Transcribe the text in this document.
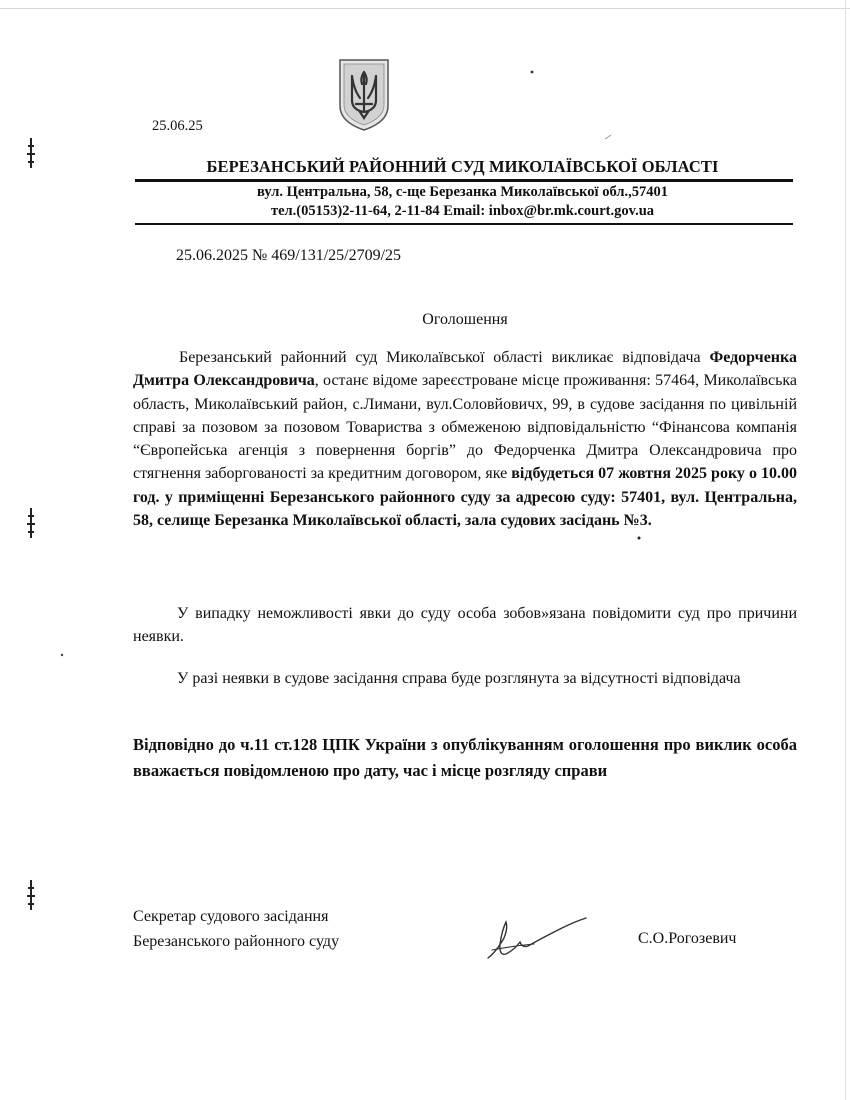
25.06.25
БЕРЕЗАНСЬКИЙ РАЙОННИЙ СУД МИКОЛАЇВСЬКОЇ ОБЛАСТІ
вул. Центральна, 58, с-ще Березанка Миколаївської обл.,57401
тел.(05153)2-11-64, 2-11-84 Email: inbox@br.mk.court.gov.ua
25.06.2025 № 469/131/25/2709/25
Оголошення
Березанський районний суд Миколаївської області викликає відповідача Федорченка Дмитра Олександровича, останє відоме зареєстроване місце проживання: 57464, Миколаївська область, Миколаївський район, с.Лимани, вул.Соловйовичх, 99, в судове засідання по цивільній справі за позовом за позовом Товариства з обмеженою відповідальністю “Фінансова компанія “Європейська агенція з повернення боргів” до Федорченка Дмитра Олександровича про стягнення заборгованості за кредитним договором, яке відбудеться 07 жовтня 2025 року о 10.00 год. у приміщенні Березанського районного суду за адресою суду: 57401, вул. Центральна, 58, селище Березанка Миколаївської області, зала судових засідань №3.
У випадку неможливості явки до суду особа зобов»язана повідомити суд про причини неявки.
У разі неявки в судове засідання справа буде розглянута за відсутності відповідача
Відповідно до ч.11 ст.128 ЦПК України з опублікуванням оголошення про виклик особа вважається повідомленою про дату, час і місце розгляду справи
Секретар судового засідання
Березанського районного суду	С.О.Рогозевич
